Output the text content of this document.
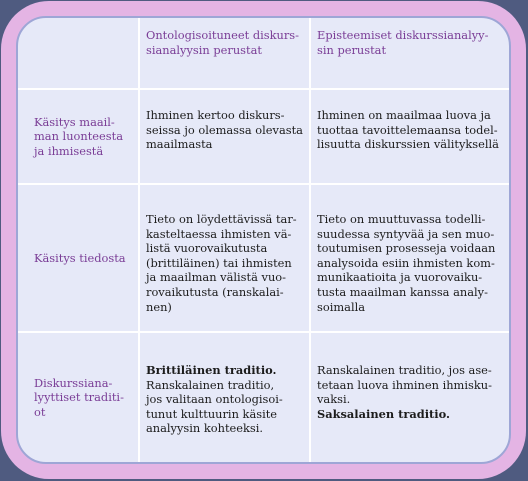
Ontologisoituneet diskurs-
sianalyysin perustat
Episteemiset diskurssianalyy-
sin perustat
Käsitys maail-
man luonteesta
ja ihmisestä
Ihminen kertoo diskurs-
seissa jo olemassa olevasta
maailmasta
Ihminen on maailmaa luova ja
tuottaa tavoittelemaansa todel-
lisuutta diskurssien välityksellä
Käsitys tiedosta
Tieto on löydettävissä tar-
kasteltaessa ihmisten vä-
listä vuorovaikutusta
(brittiläinen) tai ihmisten
ja maailman välistä vuo-
rovaikutusta (ranskalai-
nen)
Tieto on muuttuvassa todelli-
suudessa syntyvää ja sen muo-
toutumisen prosesseja voidaan
analysoida esiin ihmisten kom-
munikaatioita ja vuorovaiku-
tusta maailman kanssa analy-
soimalla
Diskurssiana-
lyyttiset traditi-
ot
Brittiläinen traditio.
Ranskalainen traditio,
jos valitaan ontologisoi-
tunut kulttuurin käsite
analyysin kohteeksi.
Ranskalainen traditio, jos ase-
tetaan luova ihminen ihmisku-
vaksi.
Saksalainen traditio.
